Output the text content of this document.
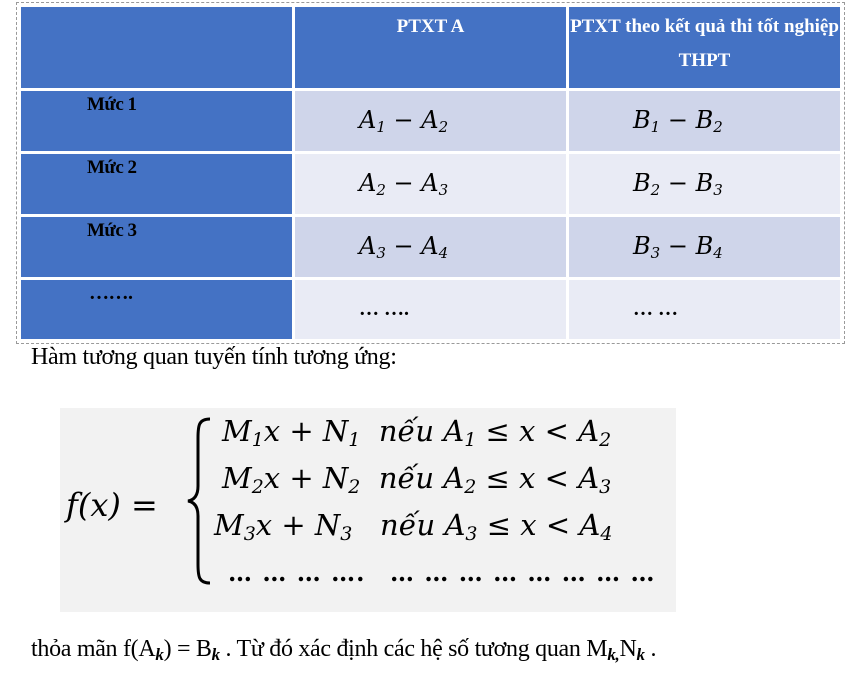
	PTXT A	PTXT theo kết quả thi tốt nghiệp THPT

Mức 1	$A_1 - A_2$	$B_1 - B_2$

Mức 2	$A_2 - A_3$	$B_2 - B_3$

Mức 3	$A_3 - A_4$	$B_3 - B_4$

…….	… ….	… …
Hàm tương quan tuyến tính tương ứng:
f(x) =
$M_1x + N_1$ nếu $A_1 \le x < A_2$
$M_2x + N_2$ nếu $A_2 \le x < A_3$
$M_3x + N_3$ nếu $A_3 \le x < A_4$
… … … …. … … … … … … … …
thỏa mãn $f(A_k) = B_k$ . Từ đó xác định các hệ số tương quan $M_{k,}N_k$ .
